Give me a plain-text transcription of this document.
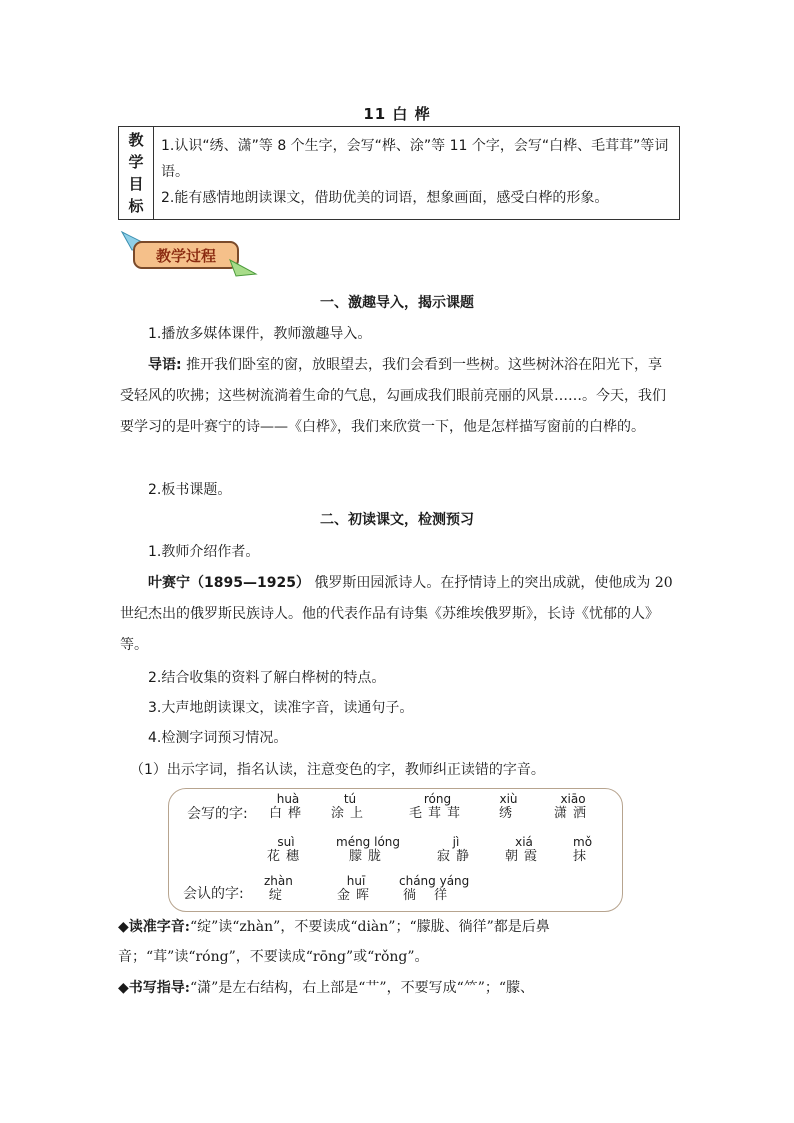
11 白 桦
教
学
目
标
1.认识“绣、潇”等 8 个生字，会写“桦、涂”等 11 个字，会写“白桦、毛茸茸”等词语。
2.能有感情地朗读课文，借助优美的词语，想象画面，感受白桦的形象。
教学过程
一、激趣导入，揭示课题
1.播放多媒体课件，教师激趣导入。
导语: 推开我们卧室的窗，放眼望去，我们会看到一些树。这些树沐浴在阳光下，享受轻风的吹拂；这些树流淌着生命的气息，勾画成我们眼前亮丽的风景……。今天，我们要学习的是叶赛宁的诗——《白桦》，我们来欣赏一下，他是怎样描写窗前的白桦的。
2.板书课题。
二、初读课文，检测预习
1.教师介绍作者。
叶赛宁（1895—1925） 俄罗斯田园派诗人。在抒情诗上的突出成就，使他成为 20 世纪杰出的俄罗斯民族诗人。他的代表作品有诗集《苏维埃俄罗斯》，长诗《忧郁的人》等。
2.结合收集的资料了解白桦树的特点。
3.大声地朗读课文，读准字音，读通句子。
4.检测字词预习情况。
（1）出示字词，指名认读，注意变色的字，教师纠正读错的字音。
会写的字:
会认的字:
huà
白桦
tú
涂上
róng
毛茸茸
xiù
绣
xiāo
潇洒
suì
花穗
méng lóng
朦胧
jì
寂静
xiá
朝霞
mǒ
抹
zhàn
绽
huī
金晖
cháng yáng
徜徉
◆读准字音:“绽”读“zhàn”，不要读成“diàn”；“朦胧、徜徉”都是后鼻音；“茸”读“róng”，不要读成“rōng”或“rǒng”。
◆书写指导:“潇”是左右结构，右上部是“艹”，不要写成“⺮”；“朦、
